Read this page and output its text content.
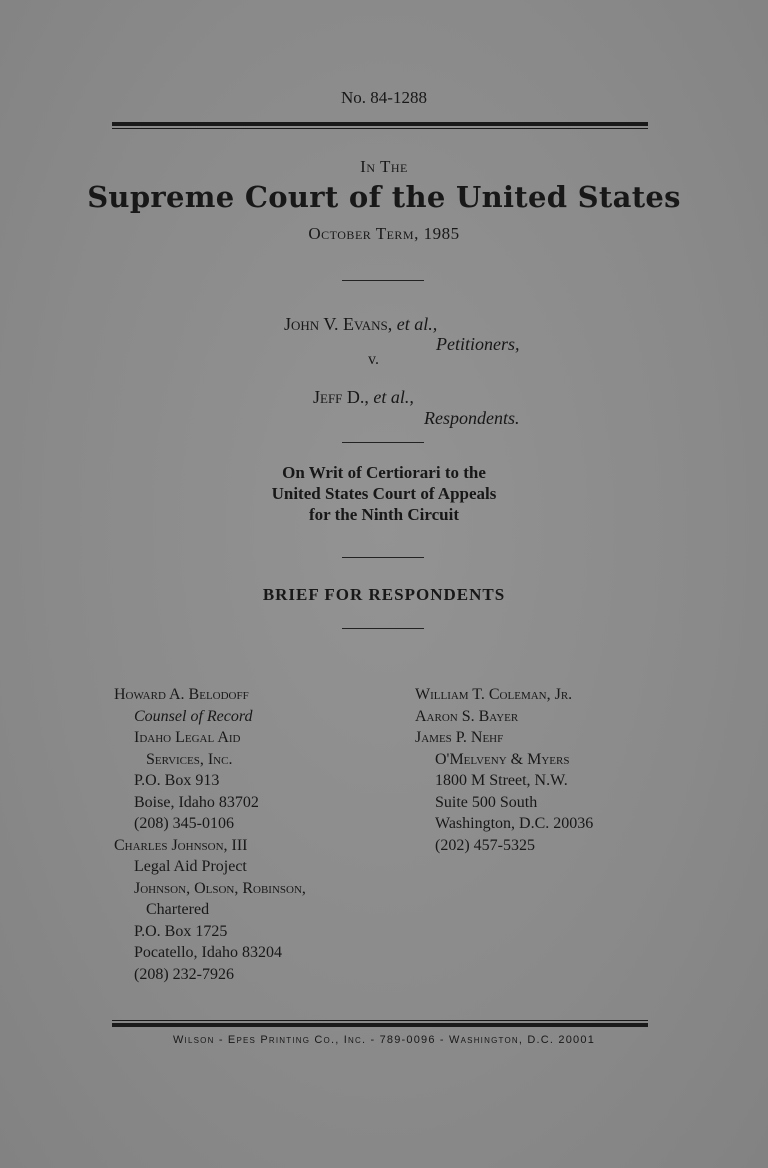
No. 84-1288
In The
Supreme Court of the United States
October Term, 1985
John V. Evans, et al.,
Petitioners,
v.
Jeff D., et al.,
Respondents.
On Writ of Certiorari to the
United States Court of Appeals
for the Ninth Circuit
BRIEF FOR RESPONDENTS
Howard A. Belodoff
Counsel of Record
Idaho Legal Aid
Services, Inc.
P.O. Box 913
Boise, Idaho 83702
(208) 345-0106
Charles Johnson, III
Legal Aid Project
Johnson, Olson, Robinson,
Chartered
P.O. Box 1725
Pocatello, Idaho 83204
(208) 232-7926
William T. Coleman, Jr.
Aaron S. Bayer
James P. Nehf
O'Melveny & Myers
1800 M Street, N.W.
Suite 500 South
Washington, D.C. 20036
(202) 457-5325
Wilson - Epes Printing Co., Inc. - 789-0096 - Washington, D.C. 20001
